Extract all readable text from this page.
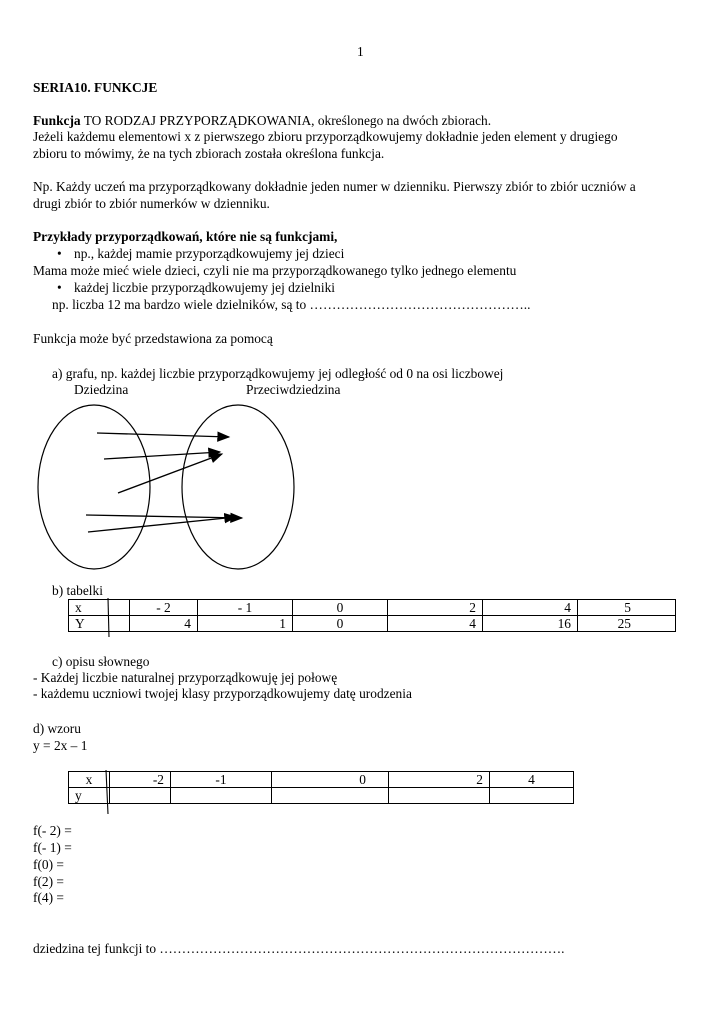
1
SERIA10. FUNKCJE
Funkcja TO RODZAJ PRZYPORZĄDKOWANIA, określonego na dwóch zbiorach.
Jeżeli każdemu elementowi x z pierwszego zbioru przyporządkowujemy dokładnie jeden element y drugiego
zbioru to mówimy, że na tych zbiorach została określona funkcja.
Np. Każdy uczeń ma przyporządkowany dokładnie jeden numer w dzienniku. Pierwszy zbiór to zbiór uczniów a
drugi zbiór to zbiór numerków w dzienniku.
Przykłady przyporządkowań, które nie są funkcjami,
• np., każdej mamie przyporządkowujemy jej dzieci
Mama może mieć wiele dzieci, czyli nie ma przyporządkowanego tylko jednego elementu
• każdej liczbie przyporządkowujemy jej dzielniki
np. liczba 12 ma bardzo wiele dzielników, są to …………………………………………..
Funkcja może być przedstawiona za pomocą
a) grafu, np. każdej liczbie przyporządkowujemy jej odległość od 0 na osi liczbowej
Dziedzina	Przeciwdziedzina
b) tabelki
x	- 2	- 1	0	2	4	5
Y	4	1	0	4	16	25
c) opisu słownego
- Każdej liczbie naturalnej przyporządkowuję jej połowę
- każdemu uczniowi twojej klasy przyporządkowujemy datę urodzenia
d) wzoru
y = 2x – 1
x	-2	-1	0	2	4
y					
f(- 2) =
f(- 1) =
f(0) =
f(2) =
f(4) =
dziedzina tej funkcji to ……………………………………………………………………………….
